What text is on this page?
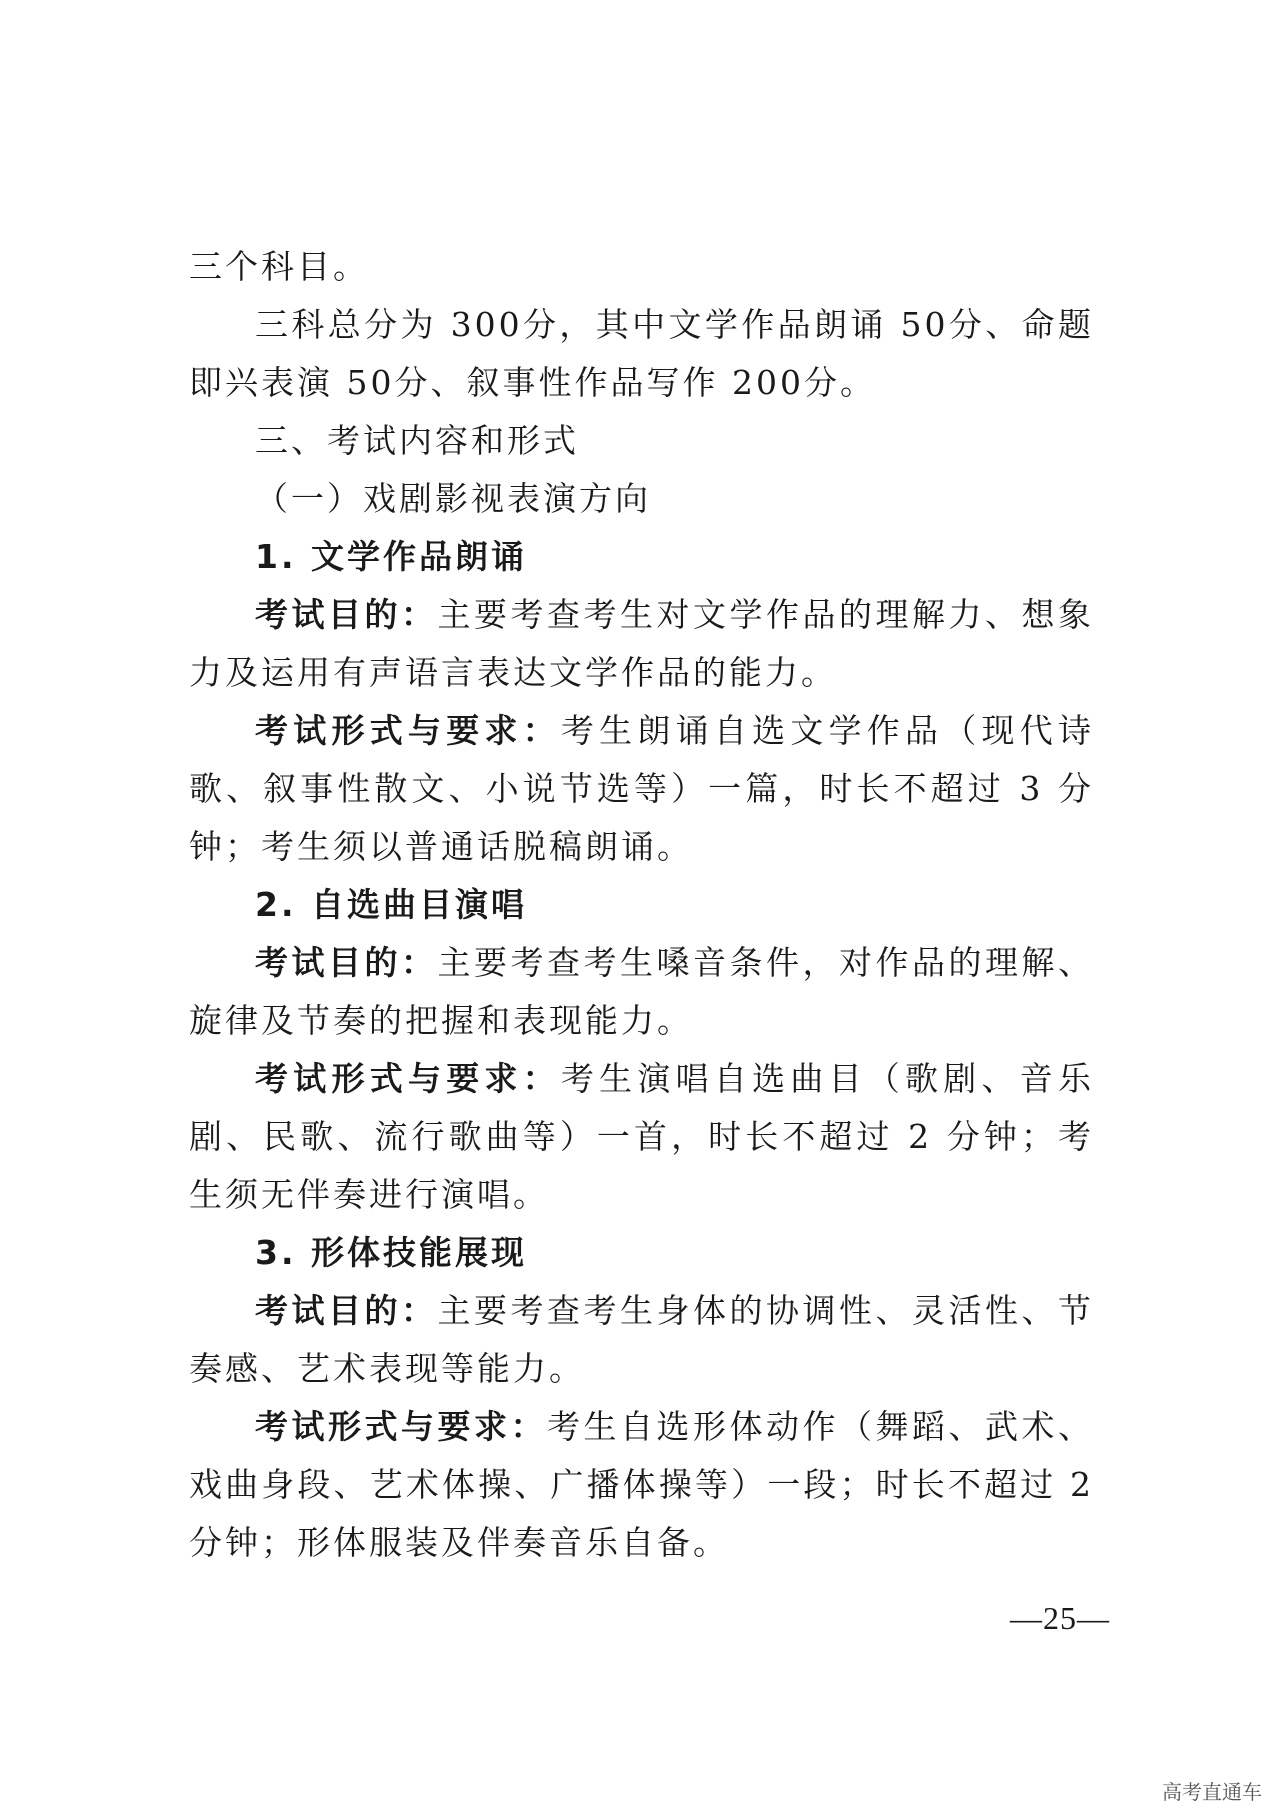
三个科目。

三科总分为 300分，其中文学作品朗诵 50分、命题即兴表演 50分、叙事性作品写作 200分。

三、考试内容和形式

（一）戏剧影视表演方向

1. 文学作品朗诵

考试目的：主要考查考生对文学作品的理解力、想象力及运用有声语言表达文学作品的能力。

考试形式与要求：考生朗诵自选文学作品（现代诗歌、叙事性散文、小说节选等）一篇，时长不超过 3 分钟；考生须以普通话脱稿朗诵。

2. 自选曲目演唱

考试目的：主要考查考生嗓音条件，对作品的理解、旋律及节奏的把握和表现能力。

考试形式与要求：考生演唱自选曲目（歌剧、音乐剧、民歌、流行歌曲等）一首，时长不超过 2 分钟；考生须无伴奏进行演唱。

3. 形体技能展现

考试目的：主要考查考生身体的协调性、灵活性、节奏感、艺术表现等能力。

考试形式与要求：考生自选形体动作（舞蹈、武术、戏曲身段、艺术体操、广播体操等）一段；时长不超过 2 分钟；形体服装及伴奏音乐自备。

—25—
高考直通车
